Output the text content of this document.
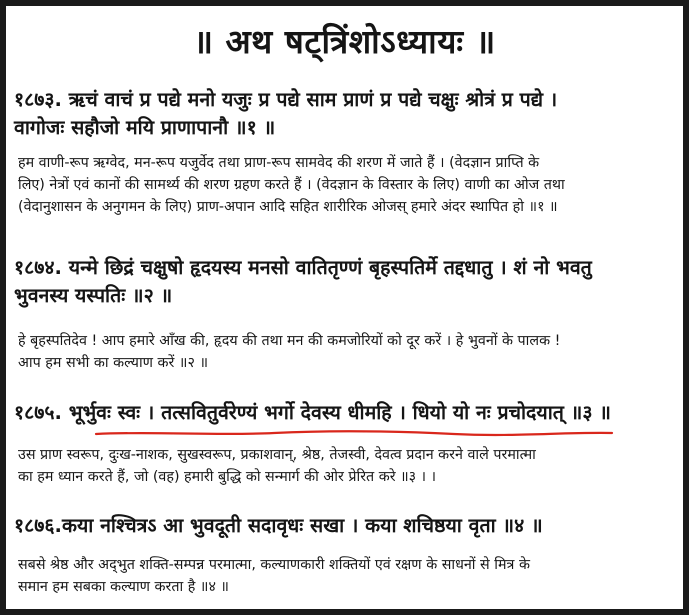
॥ अथ षट्त्रिंशोऽध्यायः ॥
१८७३. ऋचं वाचं प्र पद्ये मनो यजुः प्र पद्ये साम प्राणं प्र पद्ये चक्षुः श्रोत्रं प्र पद्ये ।
वागोजः सहौजो मयि प्राणापानौ ॥१ ॥
हम वाणी-रूप ऋग्वेद, मन-रूप यजुर्वेद तथा प्राण-रूप सामवेद की शरण में जाते हैं । (वेदज्ञान प्राप्ति के
लिए) नेत्रों एवं कानों की सामर्थ्य की शरण ग्रहण करते हैं । (वेदज्ञान के विस्तार के लिए) वाणी का ओज तथा
(वेदानुशासन के अनुगमन के लिए) प्राण-अपान आदि सहित शारीरिक ओजस् हमारे अंदर स्थापित हो ॥१ ॥
१८७४. यन्मे छिद्रं चक्षुषो हृदयस्य मनसो वातितृण्णं बृहस्पतिर्मे तद्दधातु । शं नो भवतु
भुवनस्य यस्पतिः ॥२ ॥
हे बृहस्पतिदेव ! आप हमारे आँख की, हृदय की तथा मन की कमजोरियों को दूर करें । हे भुवनों के पालक !
आप हम सभी का कल्याण करें ॥२ ॥
१८७५. भूर्भुवः स्वः । तत्सवितुर्वरेण्यं भर्गो देवस्य धीमहि । धियो यो नः प्रचोदयात् ॥३ ॥
उस प्राण स्वरूप, दुःख-नाशक, सुखस्वरूप, प्रकाशवान्, श्रेष्ठ, तेजस्वी, देवत्व प्रदान करने वाले परमात्मा
का हम ध्यान करते हैं, जो (वह) हमारी बुद्धि को सन्मार्ग की ओर प्रेरित करे ॥३ । ।
१८७६.कया नश्चित्रऽ आ भुवदूती सदावृधः सखा । कया शचिष्ठया वृता ॥४ ॥
सबसे श्रेष्ठ और अद्‌भुत शक्ति-सम्पन्न परमात्मा, कल्याणकारी शक्तियों एवं रक्षण के साधनों से मित्र के
समान हम सबका कल्याण करता है ॥४ ॥
